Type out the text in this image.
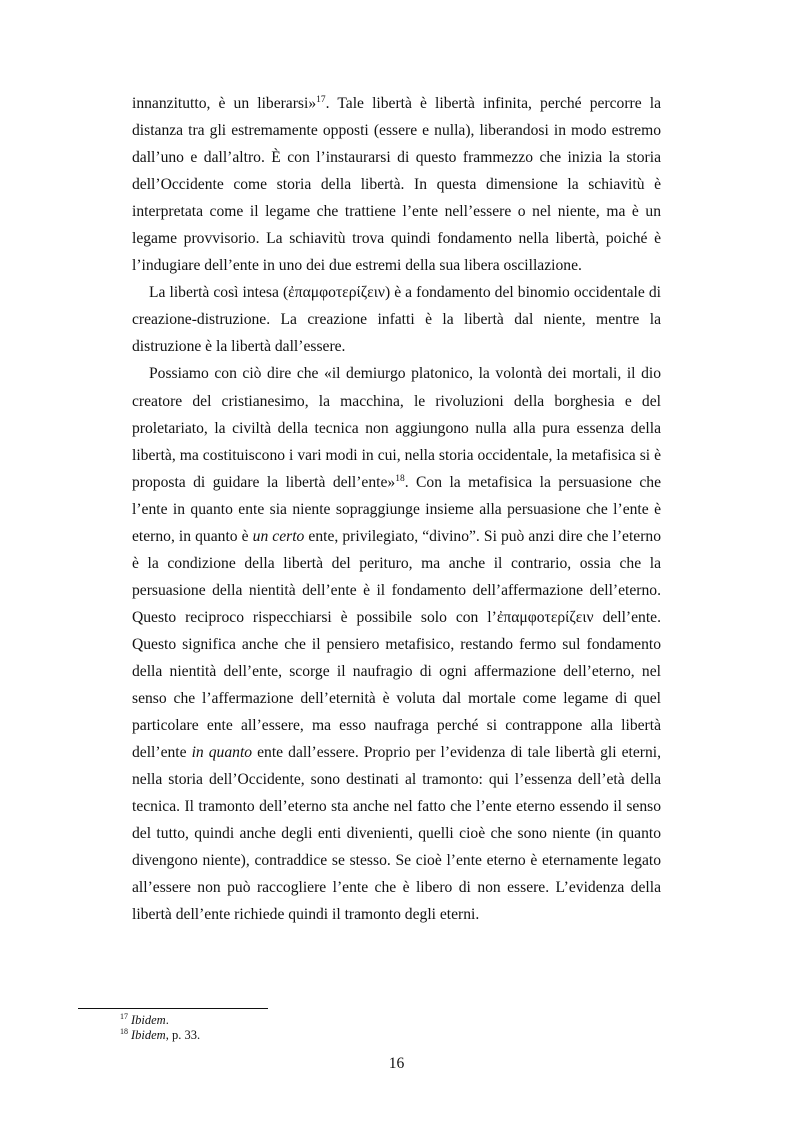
innanzitutto, è un liberarsi»$^{17}$. Tale libertà è libertà infinita, perché percorre la distanza tra gli estremamente opposti (essere e nulla), liberandosi in modo estremo dall’uno e dall’altro. È con l’instaurarsi di questo frammezzo che inizia la storia dell’Occidente come storia della libertà. In questa dimensione la schiavitù è interpretata come il legame che trattiene l’ente nell’essere o nel niente, ma è un legame provvisorio. La schiavitù trova quindi fondamento nella libertà, poiché è l’indugiare dell’ente in uno dei due estremi della sua libera oscillazione.

La libertà così intesa (ἐπαμφοτερίζειν) è a fondamento del binomio occidentale di creazione-distruzione. La creazione infatti è la libertà dal niente, mentre la distruzione è la libertà dall’essere.

Possiamo con ciò dire che «il demiurgo platonico, la volontà dei mortali, il dio creatore del cristianesimo, la macchina, le rivoluzioni della borghesia e del proletariato, la civiltà della tecnica non aggiungono nulla alla pura essenza della libertà, ma costituiscono i vari modi in cui, nella storia occidentale, la metafisica si è proposta di guidare la libertà dell’ente»$^{18}$. Con la metafisica la persuasione che l’ente in quanto ente sia niente sopraggiunge insieme alla persuasione che l’ente è eterno, in quanto è un certo ente, privilegiato, “divino”. Si può anzi dire che l’eterno è la condizione della libertà del perituro, ma anche il contrario, ossia che la persuasione della nientità dell’ente è il fondamento dell’affermazione dell’eterno. Questo reciproco rispecchiarsi è possibile solo con l’ἐπαμφοτερίζειν dell’ente. Questo significa anche che il pensiero metafisico, restando fermo sul fondamento della nientità dell’ente, scorge il naufragio di ogni affermazione dell’eterno, nel senso che l’affermazione dell’eternità è voluta dal mortale come legame di quel particolare ente all’essere, ma esso naufraga perché si contrappone alla libertà dell’ente in quanto ente dall’essere. Proprio per l’evidenza di tale libertà gli eterni, nella storia dell’Occidente, sono destinati al tramonto: qui l’essenza dell’età della tecnica. Il tramonto dell’eterno sta anche nel fatto che l’ente eterno essendo il senso del tutto, quindi anche degli enti divenienti, quelli cioè che sono niente (in quanto divengono niente), contraddice se stesso. Se cioè l’ente eterno è eternamente legato all’essere non può raccogliere l’ente che è libero di non essere. L’evidenza della libertà dell’ente richiede quindi il tramonto degli eterni.

$^{17}$ Ibidem.
$^{18}$ Ibidem, p. 33.
16
